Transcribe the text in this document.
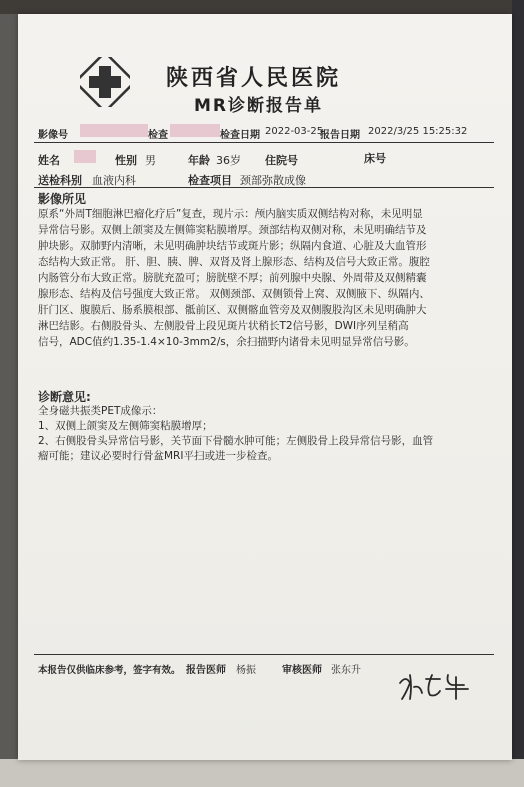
陕西省人民医院
MR诊断报告单
影像号	检查	检查日期 2022-03-25
报告日期 2022/3/25 15:25:32
姓名	性别 男	年龄 36岁 住院号	床号
送检科别 血液内科	检查项目 颈部弥散成像
影像所见
原系“外周T细胞淋巴瘤化疗后”复查，现片示：颅内脑实质双侧结构对称，未见明显
异常信号影。双侧上颌窦及左侧筛窦粘膜增厚。颈部结构双侧对称，未见明确结节及
肿块影。双肺野内清晰，未见明确肿块结节或斑片影；纵隔内食道、心脏及大血管形
态结构大致正常。 肝、胆、胰、脾、双肾及肾上腺形态、结构及信号大致正常。腹腔
内肠管分布大致正常。膀胱充盈可；膀胱壁不厚；前列腺中央腺、外周带及双侧精囊
腺形态、结构及信号强度大致正常。 双侧颈部、双侧锁骨上窝、双侧腋下、纵隔内、
肝门区、腹膜后、肠系膜根部、骶前区、双侧髂血管旁及双侧腹股沟区未见明确肿大
淋巴结影。右侧股骨头、左侧股骨上段见斑片状稍长T2信号影，DWI序列呈稍高
信号，ADC值约1.35-1.4×10-3mm2/s，余扫描野内诸骨未见明显异常信号影。
诊断意见:
全身磁共振类PET成像示：
1、双侧上颌窦及左侧筛窦粘膜增厚；
2、右侧股骨头异常信号影，关节面下骨髓水肿可能；左侧股骨上段异常信号影，血管
瘤可能；建议必要时行骨盆MRI平扫或进一步检查。
本报告仅供临床参考，签字有效。 报告医师 杨振	审核医师 张东升
